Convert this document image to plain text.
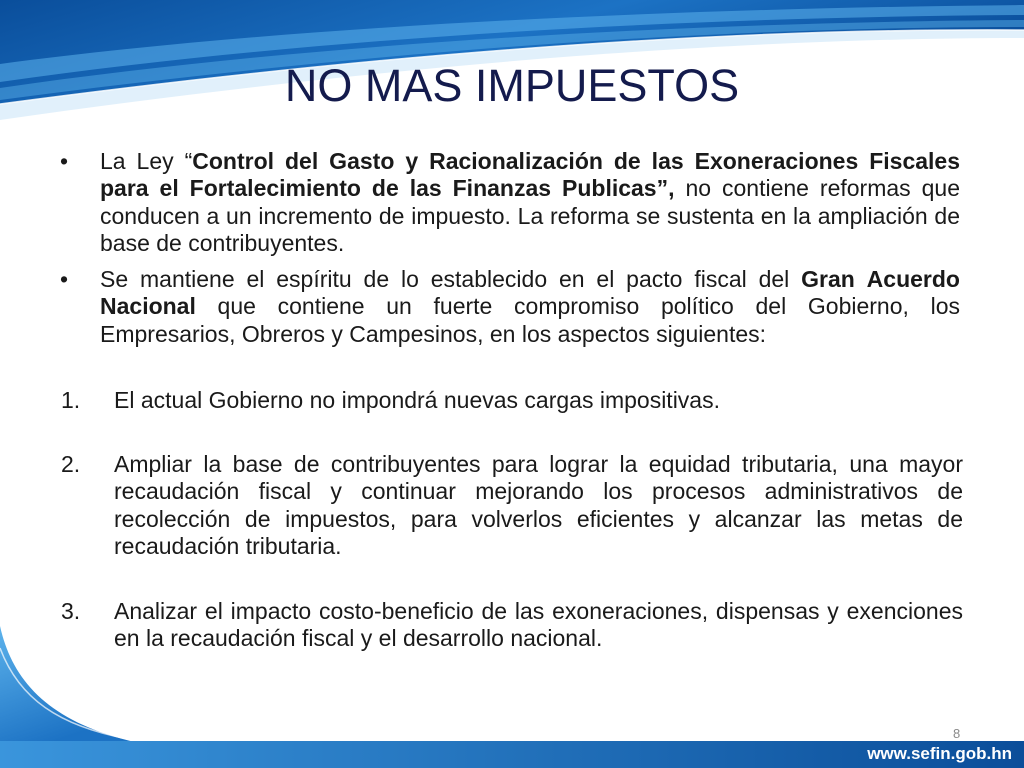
NO MAS IMPUESTOS
• La Ley “Control del Gasto y Racionalización de las Exoneraciones Fiscales para el Fortalecimiento de las Finanzas Publicas”, no contiene reformas que conducen a un incremento de impuesto. La reforma se sustenta en la ampliación de base de contribuyentes.

• Se mantiene el espíritu de lo establecido en el pacto fiscal del Gran Acuerdo Nacional que contiene un fuerte compromiso político del Gobierno, los Empresarios, Obreros y Campesinos, en los aspectos siguientes:

1. El actual Gobierno no impondrá nuevas cargas impositivas.

2. Ampliar la base de contribuyentes para lograr la equidad tributaria, una mayor recaudación fiscal y continuar mejorando los procesos administrativos de recolección de impuestos, para volverlos eficientes y alcanzar las metas de recaudación tributaria.

3. Analizar el impacto costo-beneficio de las exoneraciones, dispensas y exenciones en la recaudación fiscal y el desarrollo nacional.

8
www.sefin.gob.hn
